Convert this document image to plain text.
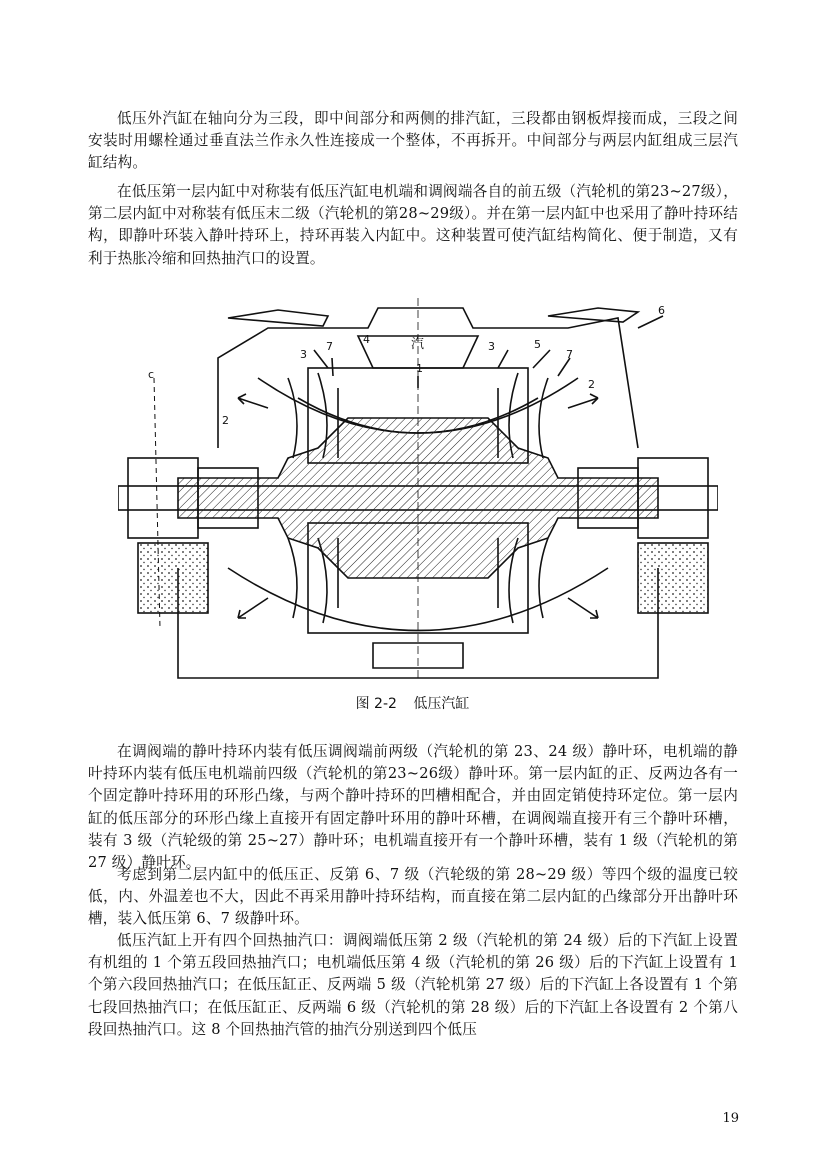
低压外汽缸在轴向分为三段，即中间部分和两侧的排汽缸，三段都由钢板焊接而成，三段之间安装时用螺栓通过垂直法兰作永久性连接成一个整体，不再拆开。中间部分与两层内缸组成三层汽缸结构。

在低压第一层内缸中对称装有低压汽缸电机端和调阀端各自的前五级（汽轮机的第23~27级），第二层内缸中对称装有低压末二级（汽轮机的第28~29级）。并在第一层内缸中也采用了静叶持环结构，即静叶环装入静叶持环上，持环再装入内缸中。这种装置可使汽缸结构简化、便于制造，又有利于热胀冷缩和回热抽汽口的设置。

汽
1
2
2
3
3
4	5
6
7
7
c
图 2-2 低压汽缸

在调阀端的静叶持环内装有低压调阀端前两级（汽轮机的第 23、24 级）静叶环，电机端的静叶持环内装有低压电机端前四级（汽轮机的第23~26级）静叶环。第一层内缸的正、反两边各有一个固定静叶持环用的环形凸缘，与两个静叶持环的凹槽相配合，并由固定销使持环定位。第一层内缸的低压部分的环形凸缘上直接开有固定静叶环用的静叶环槽，在调阀端直接开有三个静叶环槽，装有 3 级（汽轮级的第 25~27）静叶环；电机端直接开有一个静叶环槽，装有 1 级（汽轮机的第 27 级）静叶环。

考虑到第二层内缸中的低压正、反第 6、7 级（汽轮级的第 28~29 级）等四个级的温度已较低，内、外温差也不大，因此不再采用静叶持环结构，而直接在第二层内缸的凸缘部分开出静叶环槽，装入低压第 6、7 级静叶环。

低压汽缸上开有四个回热抽汽口：调阀端低压第 2 级（汽轮机的第 24 级）后的下汽缸上设置有机组的 1 个第五段回热抽汽口；电机端低压第 4 级（汽轮机的第 26 级）后的下汽缸上设置有 1 个第六段回热抽汽口；在低压缸正、反两端 5 级（汽轮机第 27 级）后的下汽缸上各设置有 1 个第七段回热抽汽口；在低压缸正、反两端 6 级（汽轮机的第 28 级）后的下汽缸上各设置有 2 个第八段回热抽汽口。这 8 个回热抽汽管的抽汽分别送到四个低压

19
